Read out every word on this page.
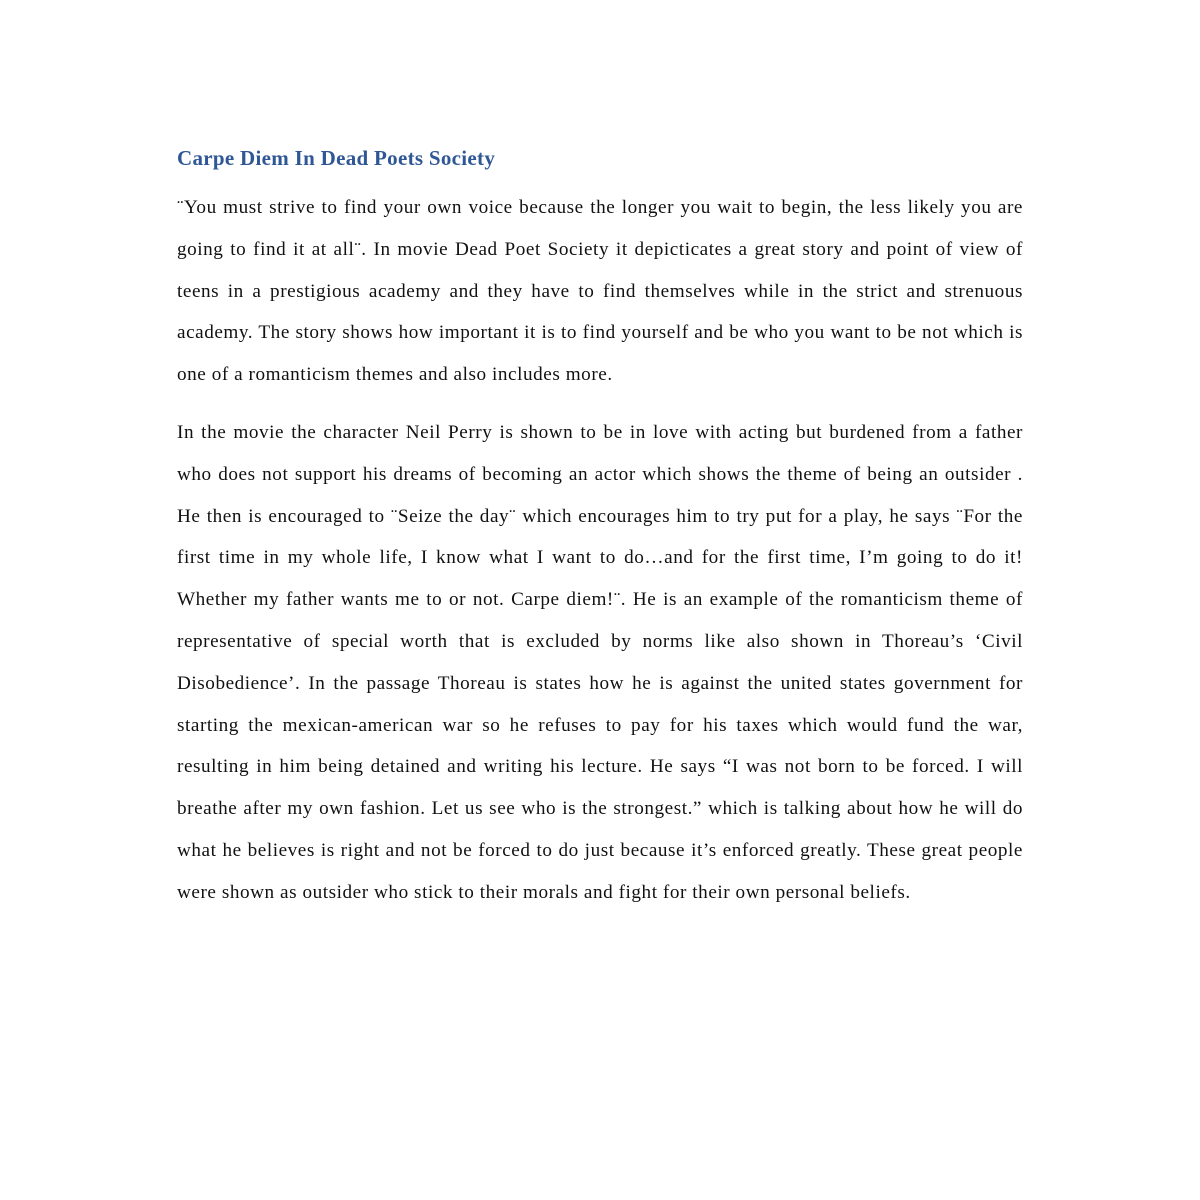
Carpe Diem In Dead Poets Society

¨You must strive to find your own voice because the longer you wait to begin, the less likely you are going to find it at all¨. In movie Dead Poet Society it depicticates a great story and point of view of teens in a prestigious academy and they have to find themselves while in the strict and strenuous academy. The story shows how important it is to find yourself and be who you want to be not which is one of a romanticism themes and also includes more.

In the movie the character Neil Perry is shown to be in love with acting but burdened from a father who does not support his dreams of becoming an actor which shows the theme of being an outsider . He then is encouraged to ¨Seize the day¨ which encourages him to try put for a play, he says ¨For the first time in my whole life, I know what I want to do…and for the first time, I’m going to do it! Whether my father wants me to or not. Carpe diem!¨. He is an example of the romanticism theme of representative of special worth that is excluded by norms like also shown in Thoreau’s ‘Civil Disobedience’. In the passage Thoreau is states how he is against the united states government for starting the mexican-american war so he refuses to pay for his taxes which would fund the war, resulting in him being detained and writing his lecture. He says “I was not born to be forced. I will breathe after my own fashion. Let us see who is the strongest.” which is talking about how he will do what he believes is right and not be forced to do just because it’s enforced greatly. These great people were shown as outsider who stick to their morals and fight for their own personal beliefs.
